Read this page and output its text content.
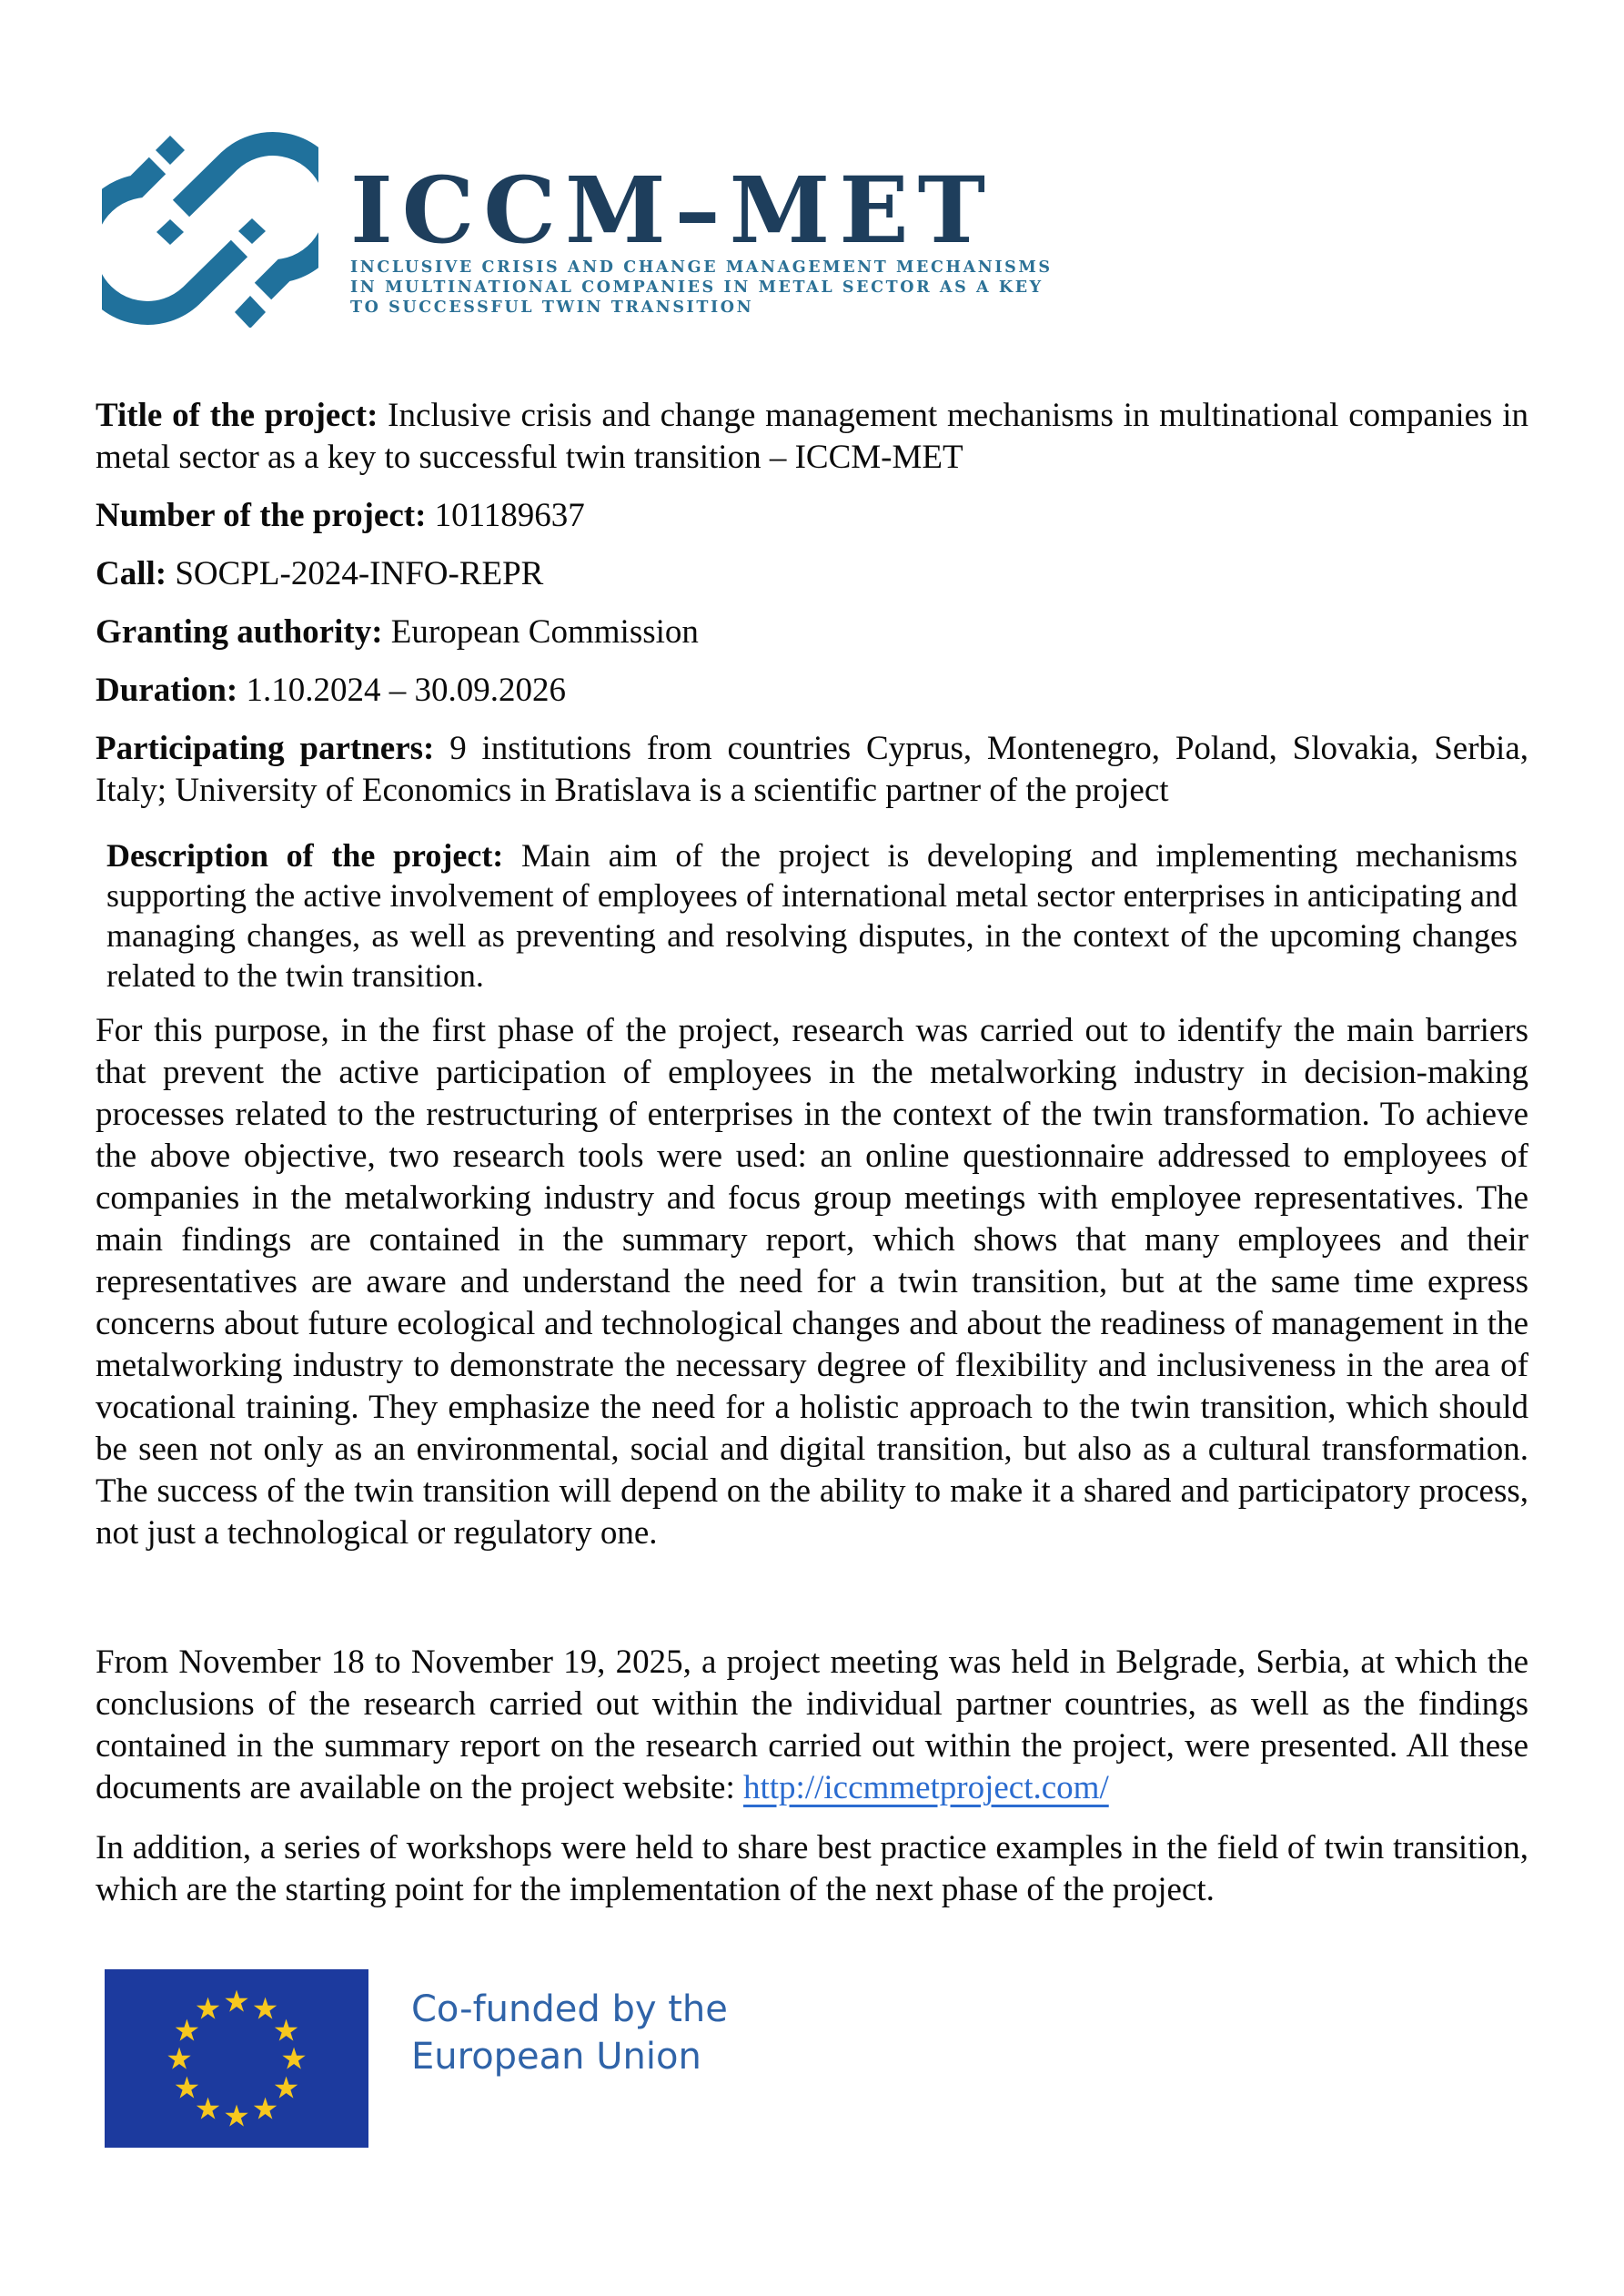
ICCM–MET
INCLUSIVE CRISIS AND CHANGE MANAGEMENT MECHANISMS
IN MULTINATIONAL COMPANIES IN METAL SECTOR AS A KEY
TO SUCCESSFUL TWIN TRANSITION

Title of the project: Inclusive crisis and change management mechanisms in multinational companies in metal sector as a key to successful twin transition – ICCM-MET

Number of the project: 101189637

Call: SOCPL-2024-INFO-REPR

Granting authority: European Commission

Duration: 1.10.2024 – 30.09.2026

Participating partners: 9 institutions from countries Cyprus, Montenegro, Poland, Slovakia, Serbia, Italy; University of Economics in Bratislava is a scientific partner of the project

Description of the project: Main aim of the project is developing and implementing mechanisms supporting the active involvement of employees of international metal sector enterprises in anticipating and managing changes, as well as preventing and resolving disputes, in the context of the upcoming changes related to the twin transition.

For this purpose, in the first phase of the project, research was carried out to identify the main barriers that prevent the active participation of employees in the metalworking industry in decision-making processes related to the restructuring of enterprises in the context of the twin transformation. To achieve the above objective, two research tools were used: an online questionnaire addressed to employees of companies in the metalworking industry and focus group meetings with employee representatives. The main findings are contained in the summary report, which shows that many employees and their representatives are aware and understand the need for a twin transition, but at the same time express concerns about future ecological and technological changes and about the readiness of management in the metalworking industry to demonstrate the necessary degree of flexibility and inclusiveness in the area of vocational training. They emphasize the need for a holistic approach to the twin transition, which should be seen not only as an environmental, social and digital transition, but also as a cultural transformation. The success of the twin transition will depend on the ability to make it a shared and participatory process, not just a technological or regulatory one.

From November 18 to November 19, 2025, a project meeting was held in Belgrade, Serbia, at which the conclusions of the research carried out within the individual partner countries, as well as the findings contained in the summary report on the research carried out within the project, were presented. All these documents are available on the project website: http://iccmmetproject.com/

In addition, a series of workshops were held to share best practice examples in the field of twin transition, which are the starting point for the implementation of the next phase of the project.

★
★
★
★
★
★
★
★
★
★
★
★
Co-funded by the
European Union
